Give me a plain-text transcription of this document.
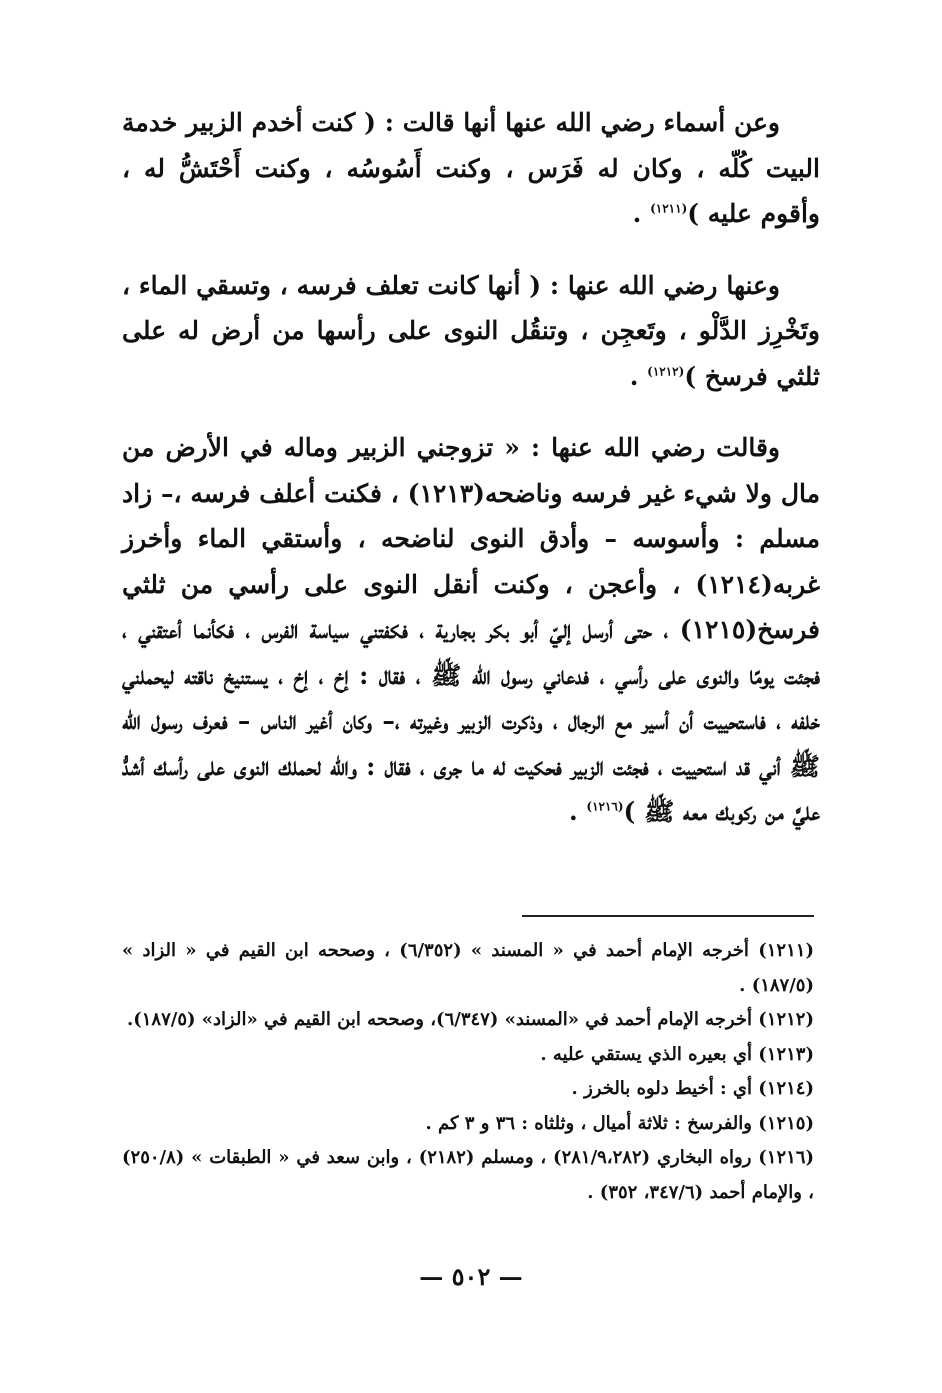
وعن أسماء رضي الله عنها أنها قالت : ( كنت أخدم الزبير خدمة البيت كُلّه ، وكان له فَرَس ، وكنت أَسُوسُه ، وكنت أَحْتَشُّ له ، وأقوم عليه )$^{(١٢١١)}$ .

وعنها رضي الله عنها : ( أنها كانت تعلف فرسه ، وتسقي الماء ، وتَخْرِز الدَّلْو ، وتَعجِن ، وتنقُل النوى على رأسها من أرض له على ثلثي فرسخ )$^{(١٢١٢)}$ .

وقالت رضي الله عنها : « تزوجني الزبير وماله في الأرض من مال ولا شيء غير فرسه وناضحه(١٢١٣) ، فكنت أعلف فرسه ،– زاد مسلم : وأسوسه – وأدق النوى لناضحه ، وأستقي الماء وأخرز غربه(١٢١٤) ، وأعجن ، وكنت أنقل النوى على رأسي من ثلثي فرسخ(١٢١٥) ، حتى أرسل إليّ أبو بكر بجارية ، فكفتني سياسة الفرس ، فكأنما أعتقني ، فجئت يومًا والنوى على رأسي ، فدعاني رسول الله ﷺ ، فقال : إخ ، إخ ، يستنيخ ناقته ليحملني خلفه ، فاستحييت أن أسير مع الرجال ، وذكرت الزبير وغيرته ،– وكان أغير الناس – فعرف رسول الله ﷺ أني قد استحييت ، فجئت الزبير فحكيت له ما جرى ، فقال : والله لحملك النوى على رأسك أشدُّ عليَّ من ركوبك معه ﷺ )$^{(١٢١٦)}$ .

(١٢١١) أخرجه الإمام أحمد في « المسند » (٦/٣٥٢) ، وصححه ابن القيم في « الزاد » (١٨٧/٥) .

(١٢١٢) أخرجه الإمام أحمد في «المسند» (٦/٣٤٧)، وصححه ابن القيم في «الزاد» (١٨٧/٥).

(١٢١٣) أي بعيره الذي يستقي عليه .

(١٢١٤) أي : أخيط دلوه بالخرز .

(١٢١٥) والفرسخ : ثلاثة أميال ، وثلثاه : ٣٦ و ٣ كم .

(١٢١٦) رواه البخاري (٢٨١/٩،٢٨٢) ، ومسلم (٢١٨٢) ، وابن سعد في « الطبقات » (٢٥٠/٨) ، والإمام أحمد (٣٤٧/٦، ٣٥٢) .

— ٥٠٢ —
